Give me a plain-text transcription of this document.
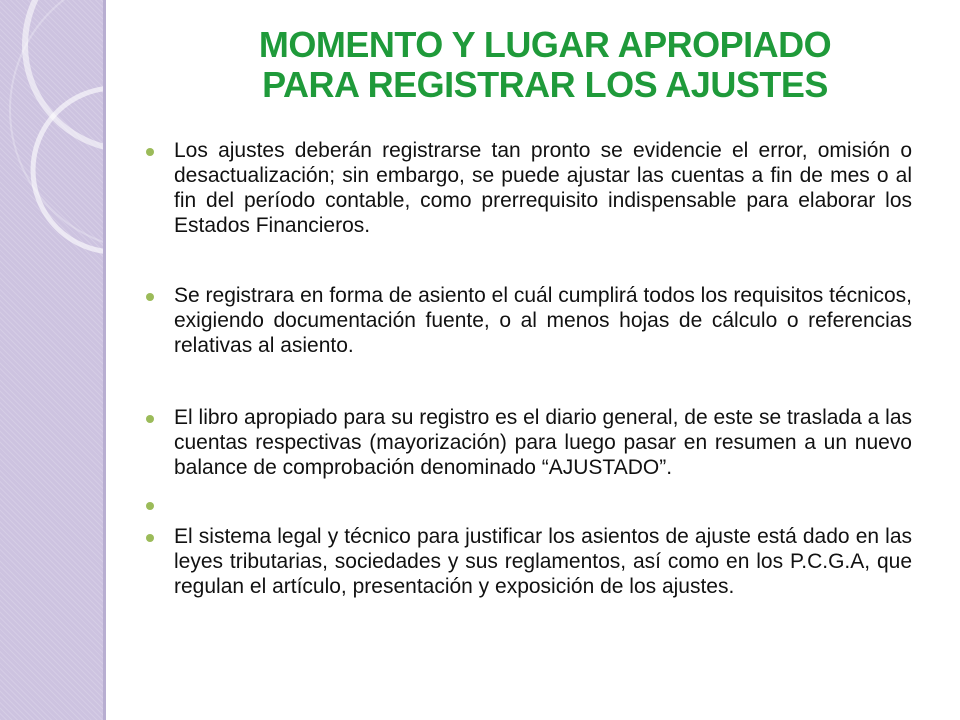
MOMENTO Y LUGAR APROPIADO
PARA REGISTRAR LOS AJUSTES
Los ajustes deberán registrarse tan pronto se evidencie el error, omisión o desactualización; sin embargo, se puede ajustar las cuentas a fin de mes o al fin del período contable, como prerrequisito indispensable para elaborar los Estados Financieros.
Se registrara en forma de asiento el cuál cumplirá todos los requisitos técnicos, exigiendo documentación fuente, o al menos hojas de cálculo o referencias relativas al asiento.
El libro apropiado para su registro es el diario general, de este se traslada a las cuentas respectivas (mayorización) para luego pasar en resumen a un nuevo balance de comprobación denominado “AJUSTADO”.
El sistema legal y técnico para justificar los asientos de ajuste está dado en las leyes tributarias, sociedades y sus reglamentos, así como en los P.C.G.A, que regulan el artículo, presentación y exposición de los ajustes.
